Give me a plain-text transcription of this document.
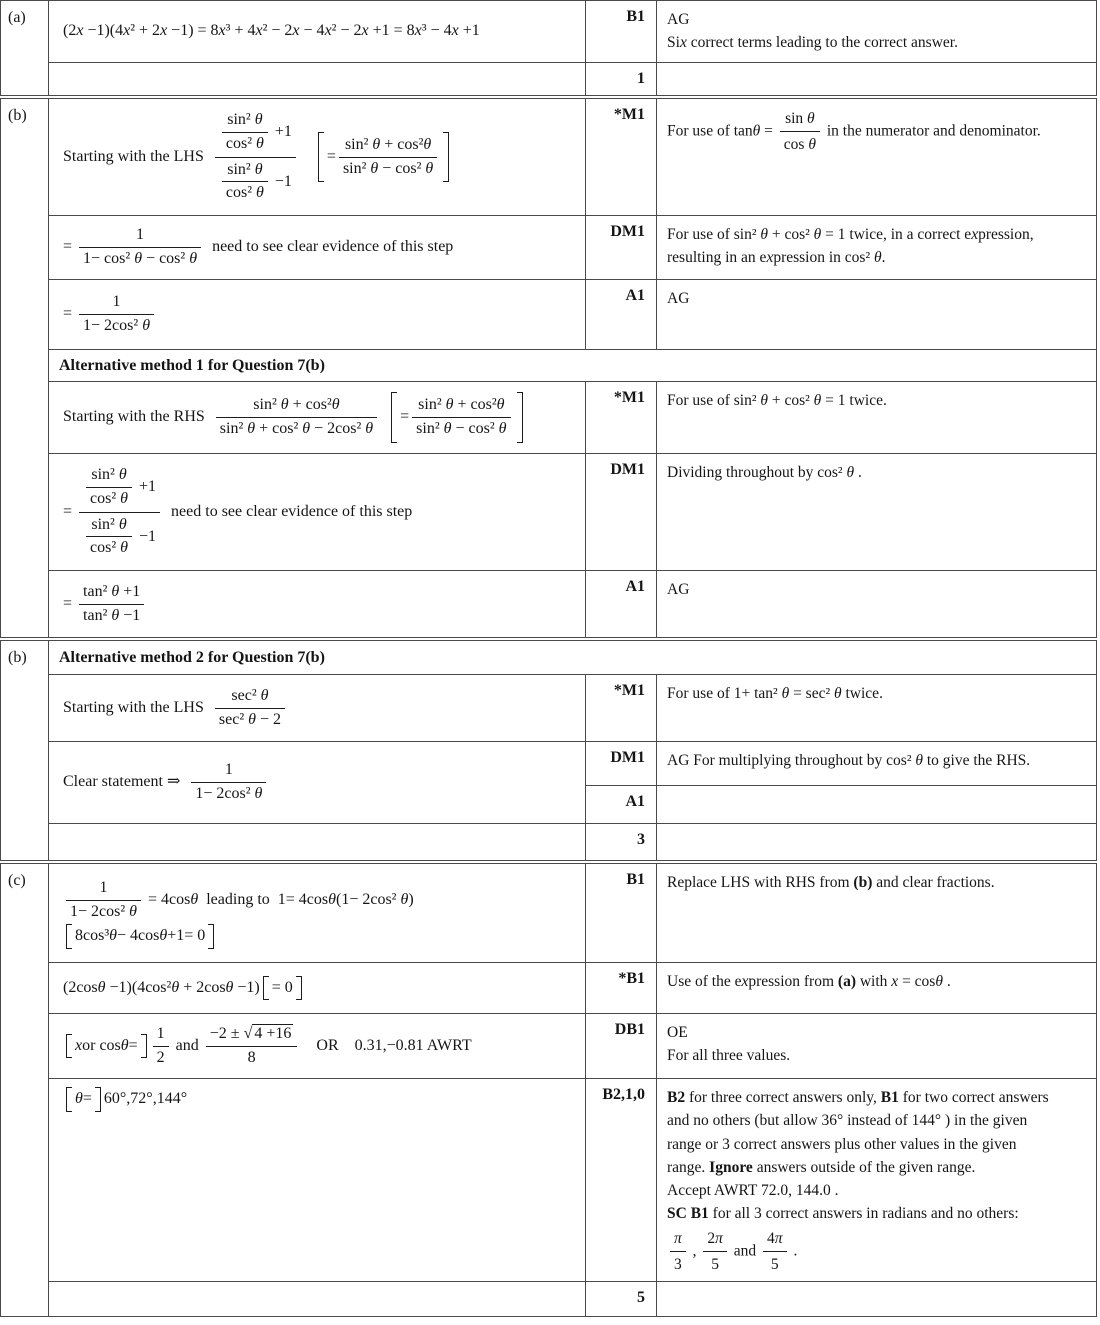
(a)	(2x −1)(4x² + 2x −1) = 8x³ + 4x² − 2x − 4x² − 2x +1 = 8x³ − 4x +1	B1	AG
Six correct terms leading to the correct answer.
		1	
(b)	Starting with the LHS  $\frac{\frac{\text{sin² θ}}{\text{cos² θ}} +1}{\frac{\text{sin² θ}}{\text{cos² θ}} -1}$
  = $\frac{\text{sin² θ + cos²θ}}{\text{sin² θ − cos² θ}}$
	*M1	For use of $\tan\theta = \frac{\text{sin θ}}{\text{cos θ}}$ in the numerator and denominator.
	= $\frac{1}{\text{1− cos² θ − cos² θ}}$  need to see clear evidence of this step	DM1	For use of sin² θ + cos² θ = 1 twice, in a correct expression,
resulting in an expression in cos² θ.
	= $\frac{1}{\text{1− 2cos² θ}}$	A1	AG
	Alternative method 1 for Question 7(b)		
Starting with the RHS  $\frac{\text{sin² θ + cos²θ}}{\text{sin² θ + cos² θ − 2cos² θ}}$
  = $\frac{\text{sin² θ + cos²θ}}{\text{sin² θ − cos² θ}}$	*M1	For use of sin² θ + cos² θ = 1 twice.
= $\frac{\frac{\text{sin² θ}}{\text{cos² θ}} +1}{\frac{\text{sin² θ}}{\text{cos² θ}} -1}$  need to see clear evidence of this step	DM1	Dividing throughout by cos² θ .
	= $\frac{\text{tan² θ +1}}{\text{tan² θ −1}}$	A1	AG
(b)	Alternative method 2 for Question 7(b)		
	Starting with the LHS  $\frac{\text{sec² θ}}{\text{sec² θ − 2}}$	*M1	For use of 1+ tan² θ = sec² θ twice.
	Clear statement ⇒  $\frac{1}{\text{1− 2cos² θ}}$	DM1	AG For multiplying throughout by cos² θ to give the RHS.
		A1	
		3	
(c)	$\frac{1}{\text{1− 2cos² θ}} = 4\cos\theta$ leading to 1= 4cosθ(1− 2cos² θ)

8cos³ θ − 4cos θ +1= 0
	B1	Replace LHS with RHS from (b) and clear fractions.
	(2cosθ −1)(4cos²θ + 2cosθ −1) = 0	*B1	Use of the expression from (a) with x = cosθ .

x or $\cos \theta = \frac{1}{2}$ and $\frac{-2 \pm √ 4 +16}{8}$  OR 0.31,−0.81 AWRT	DB1	OE
For all three values.

θ = 60°,72°,144°	B2,1,0	B2 for three correct answers only, B1 for two correct answers
and no others (but allow 36° instead of 144° ) in the given
range or 3 correct answers plus other values in the given
range. Ignore answers outside of the given range.
Accept AWRT 72.0, 144.0 .
SC B1 for all 3 correct answers in radians and no others:

$\frac{\pi}{3}$ , $\frac{2\pi}{5}$ and $\frac{4\pi}{5}$ .
		5	
